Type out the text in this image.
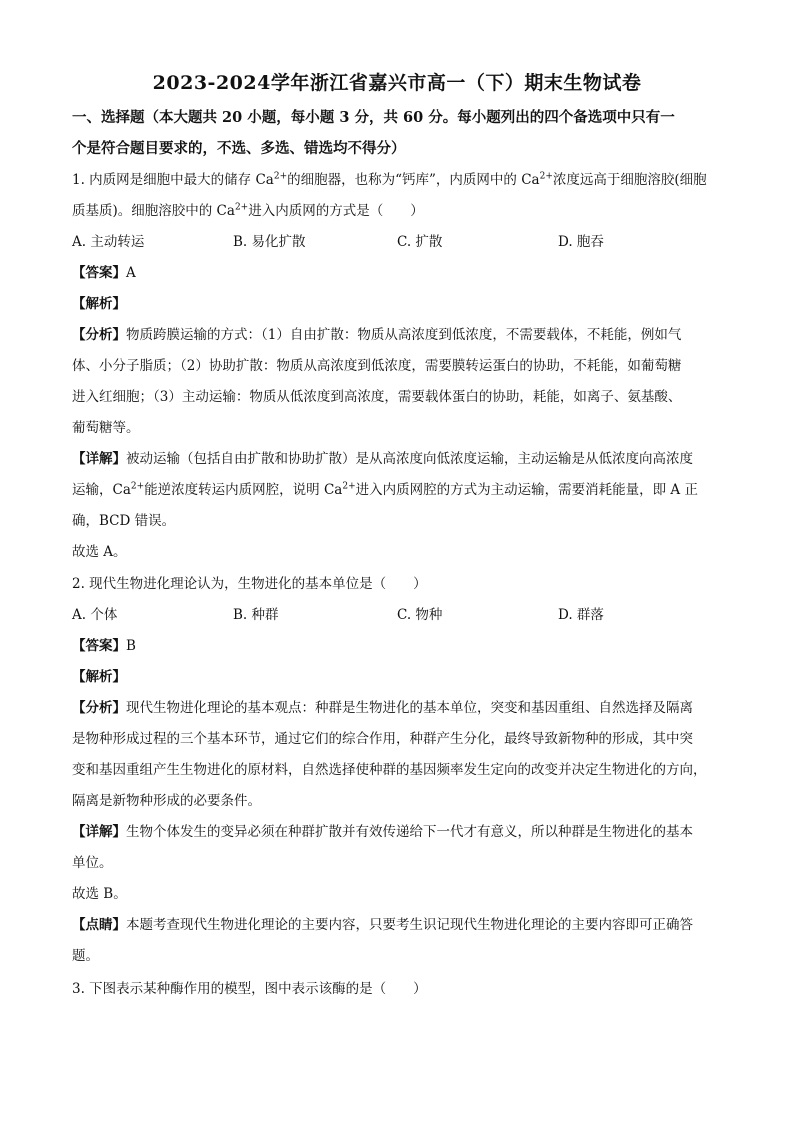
2023-2024学年浙江省嘉兴市高一（下）期末生物试卷

一、选择题（本大题共 20 小题，每小题 3 分，共 60 分。每小题列出的四个备选项中只有一

个是符合题目要求的，不选、多选、错选均不得分）

1. 内质网是细胞中最大的储存 $Ca^{2+}$的细胞器，也称为“钙库”，内质网中的 $Ca^{2+}$浓度远高于细胞溶胶(细胞

质基质)。细胞溶胶中的 $Ca^{2+}$进入内质网的方式是（　　）

A. 主动转运	B. 易化扩散	C. 扩散	D. 胞吞

【答案】A

【解析】

【分析】物质跨膜运输的方式：（1）自由扩散：物质从高浓度到低浓度，不需要载体，不耗能，例如气

体、小分子脂质；（2）协助扩散：物质从高浓度到低浓度，需要膜转运蛋白的协助，不耗能，如葡萄糖

进入红细胞；（3）主动运输：物质从低浓度到高浓度，需要载体蛋白的协助，耗能，如离子、氨基酸、

葡萄糖等。

【详解】被动运输（包括自由扩散和协助扩散）是从高浓度向低浓度运输，主动运输是从低浓度向高浓度

运输，$Ca^{2+}$能逆浓度转运内质网腔，说明 $Ca^{2+}$进入内质网腔的方式为主动运输，需要消耗能量，即 A 正

确，BCD 错误。

故选 A。

2. 现代生物进化理论认为，生物进化的基本单位是（　　）

A. 个体	B. 种群	C. 物种	D. 群落

【答案】B

【解析】

【分析】现代生物进化理论的基本观点：种群是生物进化的基本单位，突变和基因重组、自然选择及隔离

是物种形成过程的三个基本环节，通过它们的综合作用，种群产生分化，最终导致新物种的形成，其中突

变和基因重组产生生物进化的原材料，自然选择使种群的基因频率发生定向的改变并决定生物进化的方向，

隔离是新物种形成的必要条件。

【详解】生物个体发生的变异必须在种群扩散并有效传递给下一代才有意义，所以种群是生物进化的基本

单位。

故选 B。

【点睛】本题考查现代生物进化理论的主要内容，只要考生识记现代生物进化理论的主要内容即可正确答

题。

3. 下图表示某种酶作用的模型，图中表示该酶的是（　　）
